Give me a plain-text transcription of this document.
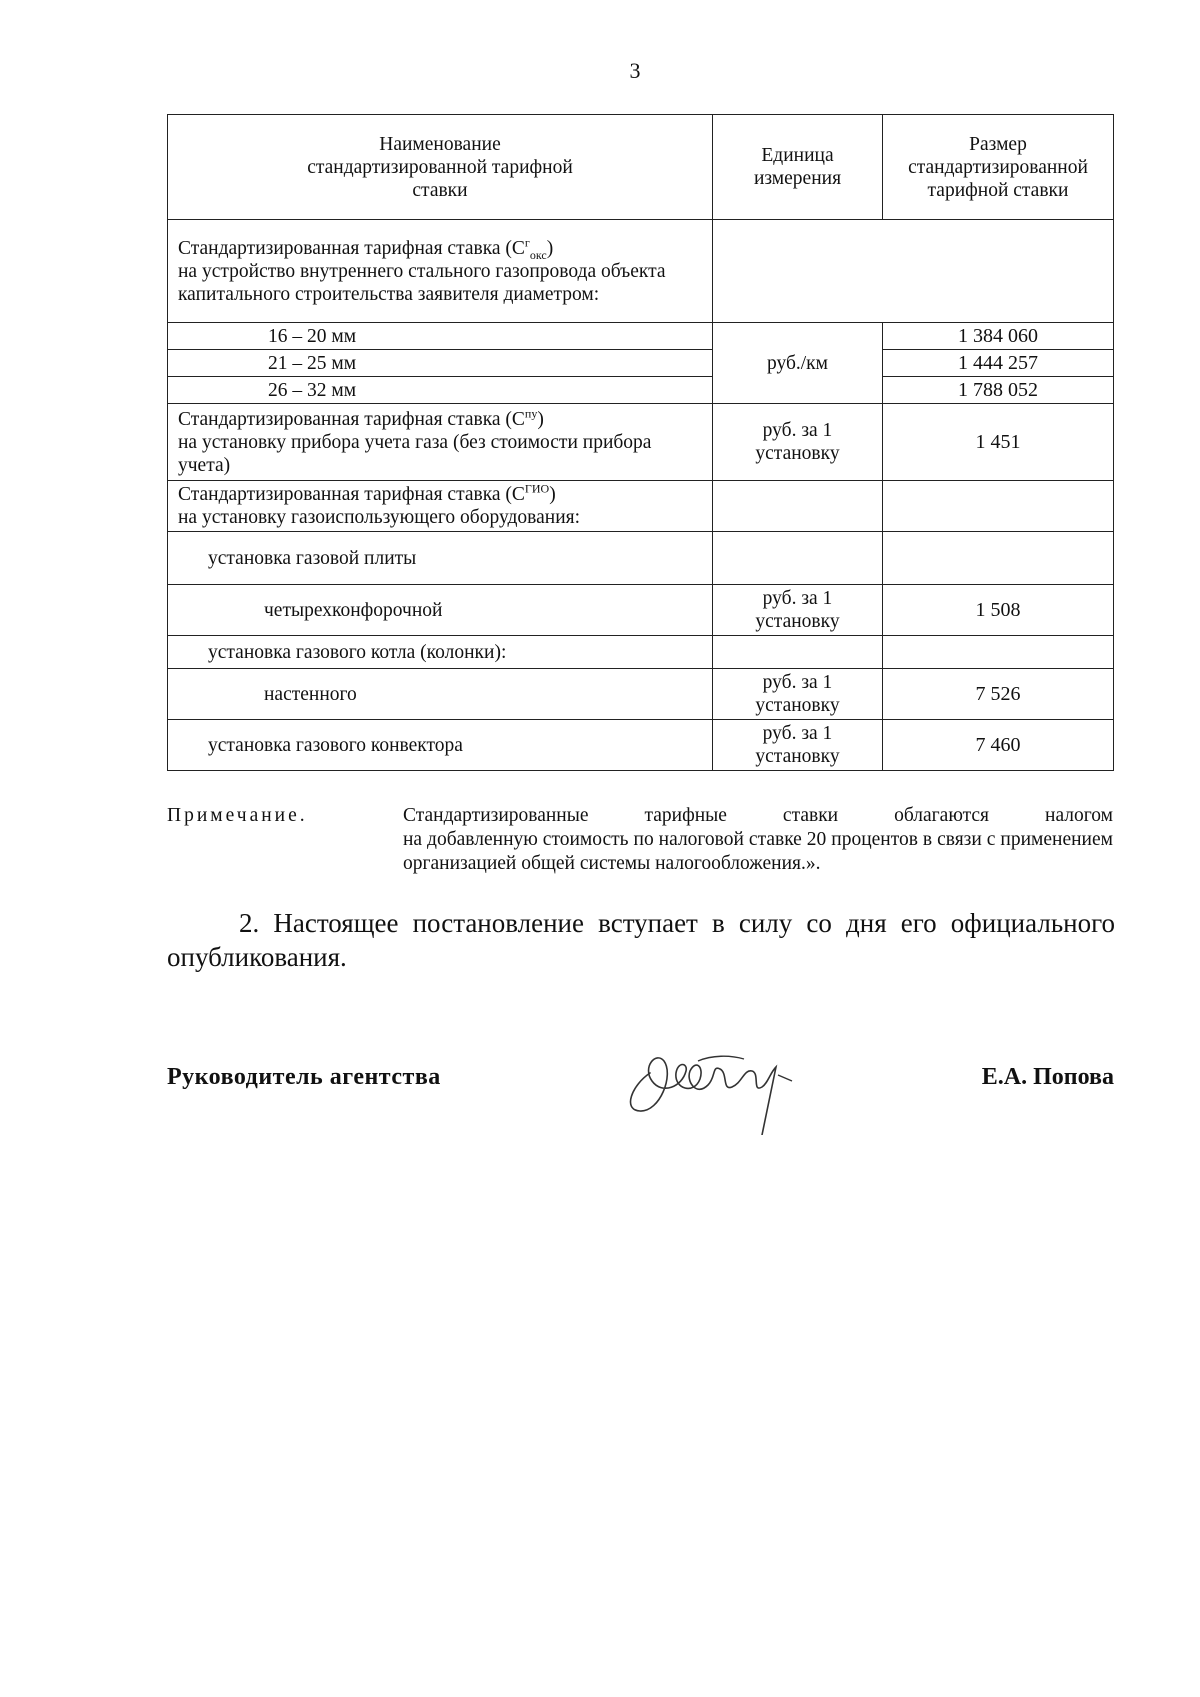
3
Наименование стандартизированной тарифной ставки	Единица измерения	Размер стандартизированной тарифной ставки

Стандартизированная тарифная ставка $(С^г_{окс})$
на устройство внутреннего стального газопровода объекта капитального строительства заявителя диаметром:		
16 – 20 мм	руб./км	1 384 060
21 – 25 мм		1 444 257
26 – 32 мм		1 788 052
Стандартизированная тарифная ставка $(С^{пу})$
на установку прибора учета газа (без стоимости прибора учета)	руб. за 1 установку	1 451
Стандартизированная тарифная ставка $(С^{ГИО})$
на установку газоиспользующего оборудования:		
установка газовой плиты		
четырехконфорочной	руб. за 1 установку	1 508
установка газового котла (колонки):		
настенного	руб. за 1 установку	7 526
установка газового конвектора	руб. за 1 установку	7 460
Примечание.	Стандартизированные тарифные ставки облагаются налогом
на добавленную стоимость по налоговой ставке 20 процентов в связи с применением организацией общей системы налогообложения.».
2. Настоящее постановление вступает в силу со дня его официального опубликования.
Руководитель агентства	Е.А. Попова
